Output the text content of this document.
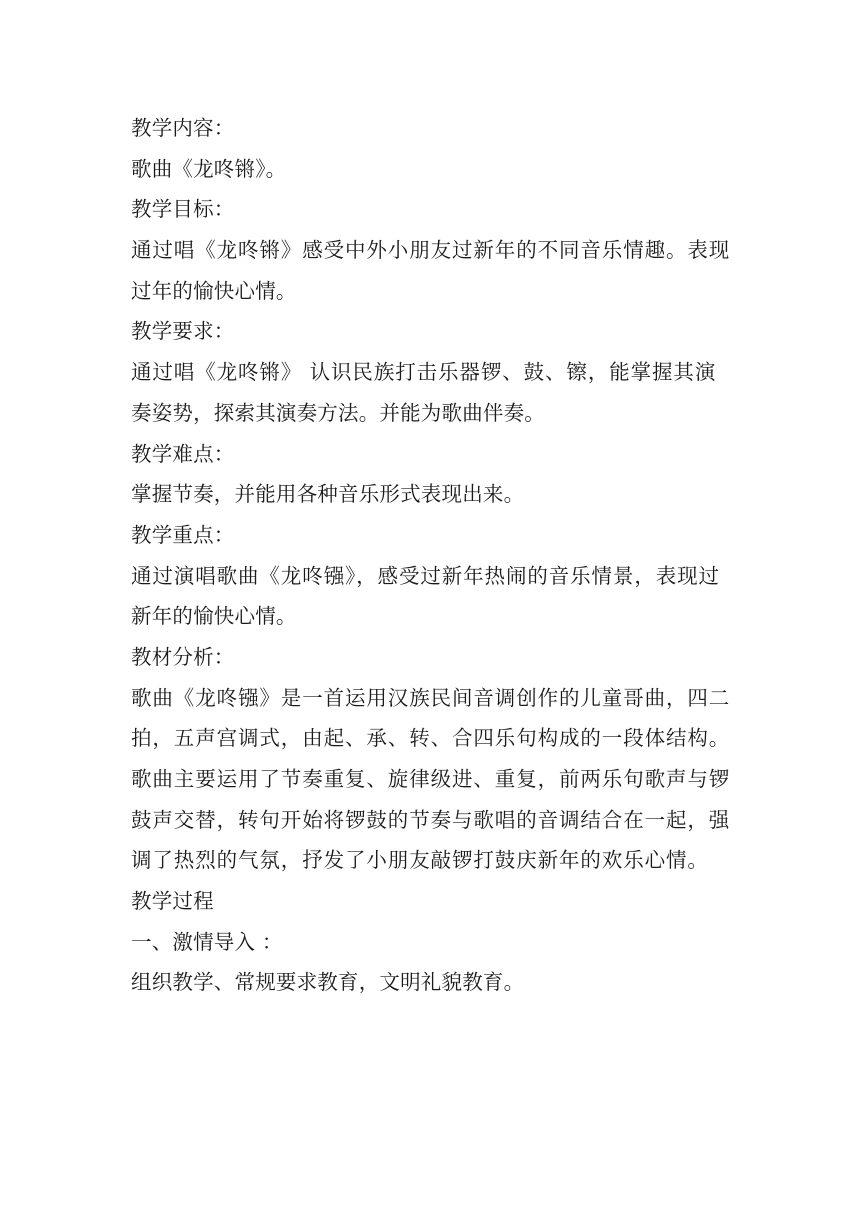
教学内容：
歌曲《龙咚锵》。
教学目标：
通过唱《龙咚锵》感受中外小朋友过新年的不同音乐情趣。表现
过年的愉快心情。
教学要求：
通过唱《龙咚锵》 认识民族打击乐器锣、鼓、镲，能掌握其演
奏姿势，探索其演奏方法。并能为歌曲伴奏。
教学难点：
掌握节奏，并能用各种音乐形式表现出来。
教学重点：
通过演唱歌曲《龙咚镪》，感受过新年热闹的音乐情景，表现过
新年的愉快心情。
教材分析：
歌曲《龙咚镪》是一首运用汉族民间音调创作的儿童哥曲，四二
拍，五声宫调式，由起、承、转、合四乐句构成的一段体结构。
歌曲主要运用了节奏重复、旋律级进、重复，前两乐句歌声与锣
鼓声交替，转句开始将锣鼓的节奏与歌唱的音调结合在一起，强
调了热烈的气氛，抒发了小朋友敲锣打鼓庆新年的欢乐心情。
教学过程
一、激情导入 ：
组织教学、常规要求教育，文明礼貌教育。
